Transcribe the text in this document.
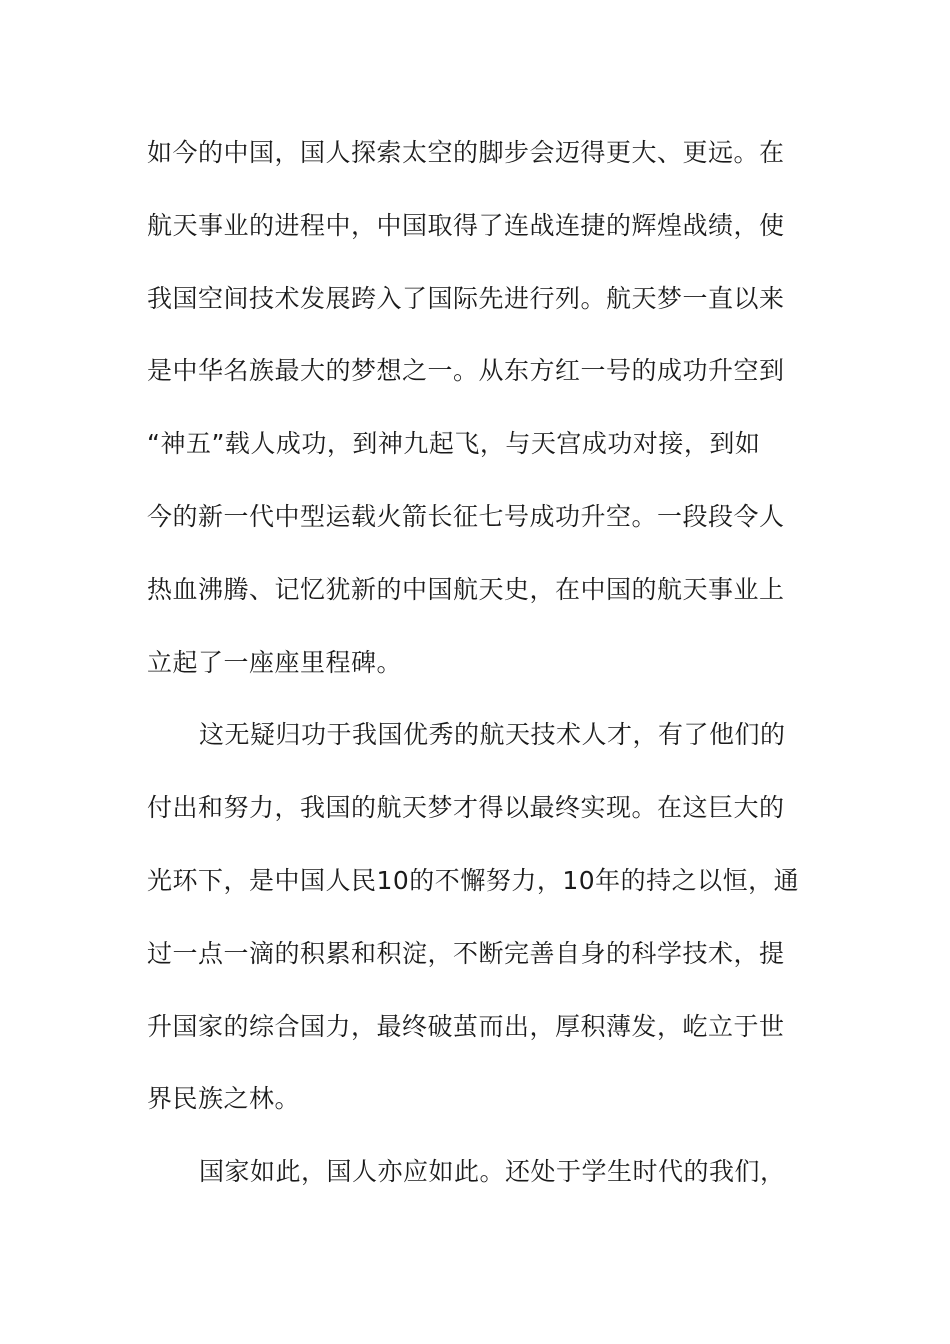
如今的中国，国人探索太空的脚步会迈得更大、更远。在
航天事业的进程中，中国取得了连战连捷的辉煌战绩，使
我国空间技术发展跨入了国际先进行列。航天梦一直以来
是中华名族最大的梦想之一。从东方红一号的成功升空到
“神五”载人成功，到神九起飞，与天宫成功对接，到如
今的新一代中型运载火箭长征七号成功升空。一段段令人
热血沸腾、记忆犹新的中国航天史，在中国的航天事业上
立起了一座座里程碑。
这无疑归功于我国优秀的航天技术人才，有了他们的
付出和努力，我国的航天梦才得以最终实现。在这巨大的
光环下，是中国人民10的不懈努力，10年的持之以恒，通
过一点一滴的积累和积淀，不断完善自身的科学技术，提
升国家的综合国力，最终破茧而出，厚积薄发，屹立于世
界民族之林。
国家如此，国人亦应如此。还处于学生时代的我们，
